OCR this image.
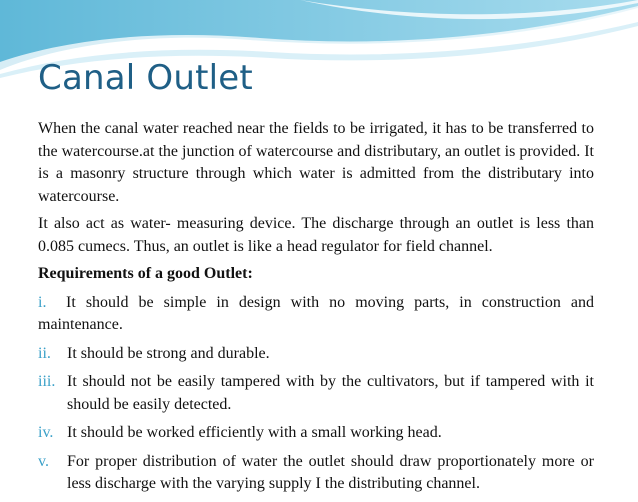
Canal Outlet

When the canal water reached near the fields to be irrigated, it has to be transferred to the watercourse.at the junction of watercourse and distributary, an outlet is provided. It is a masonry structure through which water is admitted from the distributary into watercourse.

It also act as water- measuring device. The discharge through an outlet is less than 0.085 cumecs. Thus, an outlet is like a head regulator for field channel.

Requirements of a good Outlet:

i. It should be simple in design with no moving parts, in construction and maintenance.
ii.	It should be strong and durable.
iii. It should not be easily tampered with by the cultivators, but if tampered with it should be easily detected.
iv. It should be worked efficiently with a small working head.
v.	For proper distribution of water the outlet should draw proportionately more or less discharge with the varying supply I the distributing channel.
